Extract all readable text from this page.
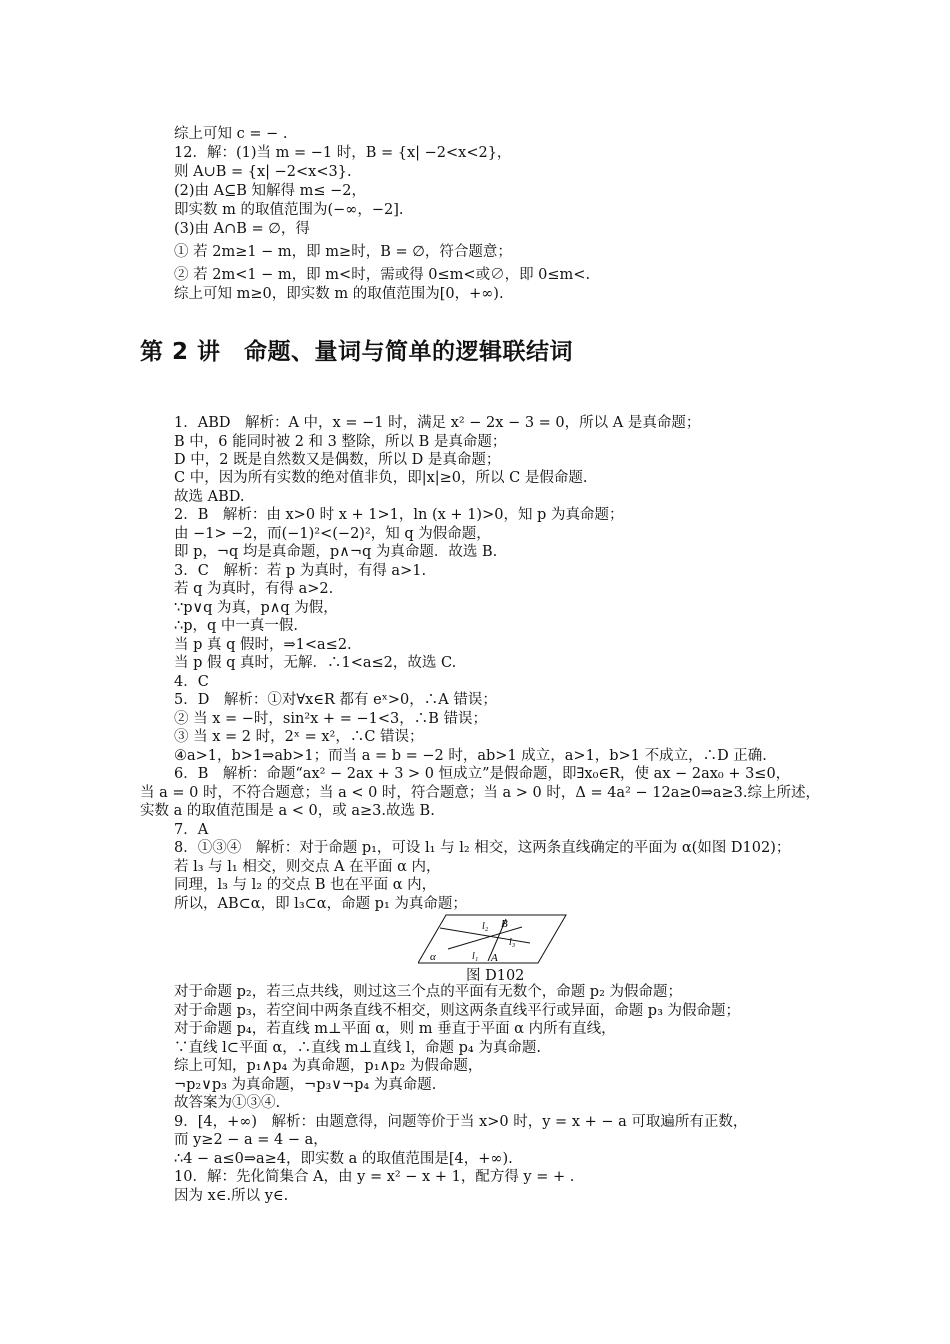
综上可知 c = − .
12．解：(1)当 m = −1 时，B = {x| −2<x<2}，
则 A∪B = {x| −2<x<3}.
(2)由 A⊆B 知解得 m≤ −2，
即实数 m 的取值范围为(−∞，−2].
(3)由 A∩B = ∅，得
① 若 2m≥1 − m，即 m≥时，B = ∅，符合题意；
② 若 2m<1 − m，即 m<时，需或得 0≤m<或∅，即 0≤m<.
综上可知 m≥0，即实数 m 的取值范围为[0，+∞).
第 2 讲　命题、量词与简单的逻辑联结词
1．ABD　解析：A 中，x = −1 时，满足 x² − 2x − 3 = 0，所以 A 是真命题；
B 中，6 能同时被 2 和 3 整除，所以 B 是真命题；
D 中，2 既是自然数又是偶数，所以 D 是真命题；
C 中，因为所有实数的绝对值非负，即|x|≥0，所以 C 是假命题.
故选 ABD.
2．B　解析：由 x>0 时 x + 1>1，ln (x + 1)>0，知 p 为真命题；
由 −1> −2，而(−1)²<(−2)²，知 q 为假命题，
即 p，¬q 均是真命题，p∧¬q 为真命题．故选 B.
3．C　解析：若 p 为真时，有得 a>1.
若 q 为真时，有得 a>2.
∵p∨q 为真，p∧q 为假，
∴p，q 中一真一假.
当 p 真 q 假时，⇒1<a≤2.
当 p 假 q 真时，无解．∴1<a≤2，故选 C.
4．C
5．D　解析：①对∀x∈R 都有 eˣ>0，∴A 错误；
② 当 x = −时，sin²x + = −1<3，∴B 错误；
③ 当 x = 2 时，2ˣ = x²，∴C 错误；
④a>1，b>1⇒ab>1；而当 a = b = −2 时，ab>1 成立，a>1，b>1 不成立，∴D 正确.
6．B　解析：命题“ax² − 2ax + 3 > 0 恒成立”是假命题，即∃x₀∈R，使 ax − 2ax₀ + 3≤0，
当 a = 0 时，不符合题意；当 a < 0 时，符合题意；当 a > 0 时，Δ = 4a² − 12a≥0⇒a≥3.综上所述，
实数 a 的取值范围是 a < 0，或 a≥3.故选 B.
7．A
8．①③④　解析：对于命题 p₁，可设 l₁ 与 l₂ 相交，这两条直线确定的平面为 α(如图 D102)；
若 l₃ 与 l₁ 相交，则交点 A 在平面 α 内，
同理，l₃ 与 l₂ 的交点 B 也在平面 α 内，
所以，AB⊂α，即 l₃⊂α，命题 p₁ 为真命题；
l₂ B
l₃
l₁ A
α
图 D102
对于命题 p₂，若三点共线，则过这三个点的平面有无数个，命题 p₂ 为假命题；
对于命题 p₃，若空间中两条直线不相交，则这两条直线平行或异面，命题 p₃ 为假命题；
对于命题 p₄，若直线 m⊥平面 α，则 m 垂直于平面 α 内所有直线，
∵直线 l⊂平面 α，∴直线 m⊥直线 l，命题 p₄ 为真命题.
综上可知，p₁∧p₄ 为真命题，p₁∧p₂ 为假命题，
¬p₂∨p₃ 为真命题，¬p₃∨¬p₄ 为真命题.
故答案为①③④.
9．[4，+∞)　解析：由题意得，问题等价于当 x>0 时，y = x + − a 可取遍所有正数，
而 y≥2 − a = 4 − a，
∴4 − a≤0⇒a≥4，即实数 a 的取值范围是[4，+∞).
10．解：先化简集合 A，由 y = x² − x + 1，配方得 y = + .
因为 x∈.所以 y∈.
